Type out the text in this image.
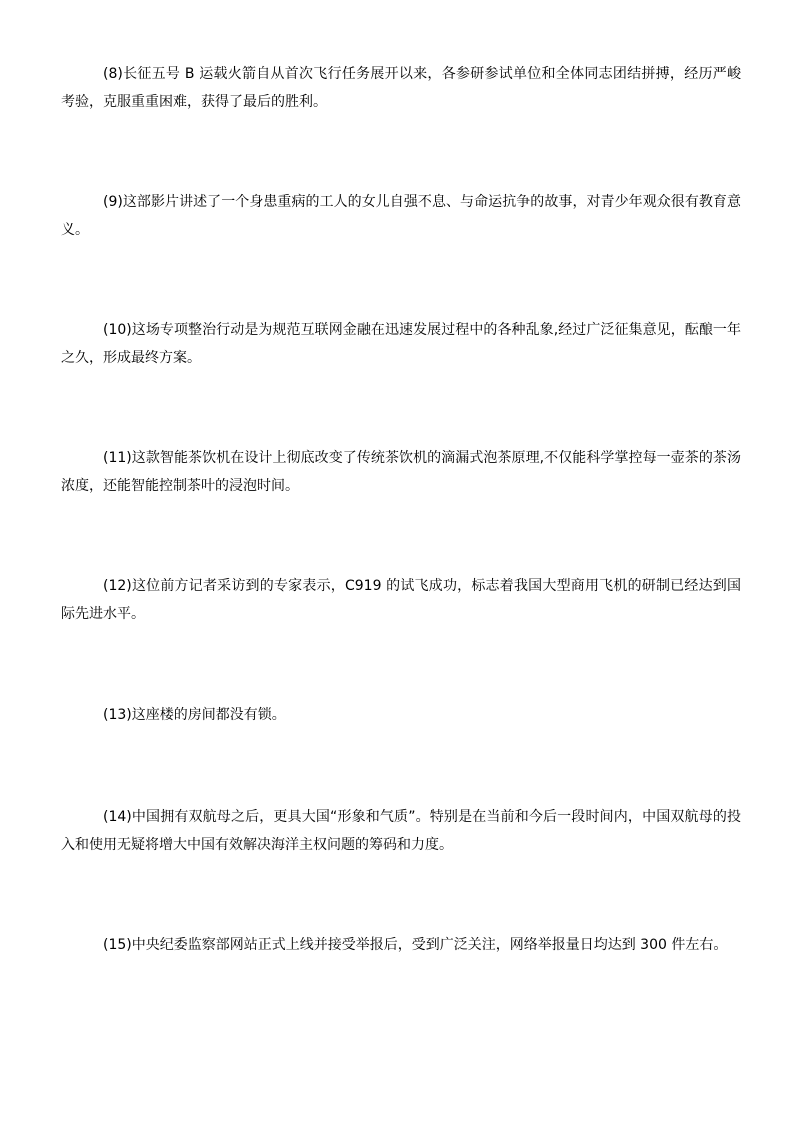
(8)长征五号 B 运载火箭自从首次飞行任务展开以来，各参研参试单位和全体同志团结拼搏，经历严峻考验，克服重重困难，获得了最后的胜利。

(9)这部影片讲述了一个身患重病的工人的女儿自强不息、与命运抗争的故事，对青少年观众很有教育意义。

(10)这场专项整治行动是为规范互联网金融在迅速发展过程中的各种乱象,经过广泛征集意见，酝酿一年之久，形成最终方案。

(11)这款智能茶饮机在设计上彻底改变了传统茶饮机的滴漏式泡茶原理,不仅能科学掌控每一壶茶的茶汤浓度，还能智能控制茶叶的浸泡时间。

(12)这位前方记者采访到的专家表示，C919 的试飞成功，标志着我国大型商用飞机的研制已经达到国际先进水平。

(13)这座楼的房间都没有锁。

(14)中国拥有双航母之后，更具大国“形象和气质”。特别是在当前和今后一段时间内，中国双航母的投入和使用无疑将增大中国有效解决海洋主权问题的筹码和力度。

(15)中央纪委监察部网站正式上线并接受举报后，受到广泛关注，网络举报量日均达到 300 件左右。
